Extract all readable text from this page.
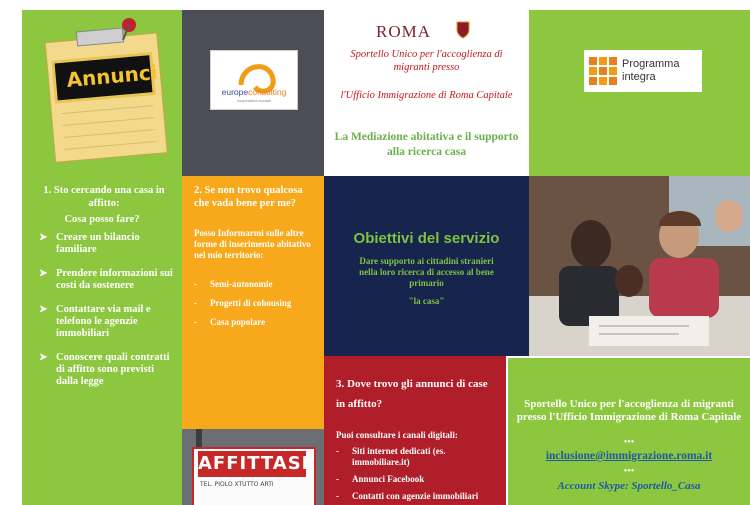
Annunci
europeconsulting
cooperativa sociale
ROMA
Sportello Unico per l'accoglienza di migranti presso
l'Ufficio Immigrazione di Roma Capitale
La Mediazione abitativa e il supporto alla ricerca casa
Programma
integra
1. Sto cercando una casa in affitto:
Cosa posso fare?
➤ Creare un bilancio familiare
➤ Prendere informazioni sui costi da sostenere
➤ Contattare via mail e telefono le agenzie immobiliari
➤ Conoscere quali contratti di affitto sono previsti dalla legge
2. Se non trovo qualcosa che vada bene per me?
Posso Informarmi sulle altre forme di inserimento abitativo nel mio territorio:
- Semi-autonomie
- Progetti di cohousing
- Casa popolare
AFFITTASI
TEL. PIOLO XTUTTO ARTI
Obiettivi del servizio
Dare supporto ai cittadini stranieri nella loro ricerca di accesso al bene primario
"la casa"
3. Dove trovo gli annunci di case in affitto?
Puoi consultare i canali digitali:
- Siti internet dedicati (es. immobiliare.it)
- Annunci Facebook
- Contatti con agenzie immobiliari
Sportello Unico per l'accoglienza di migranti presso l'Ufficio Immigrazione di Roma Capitale
•••
inclusione@immigrazione.roma.it
•••
Account Skype: Sportello_Casa
